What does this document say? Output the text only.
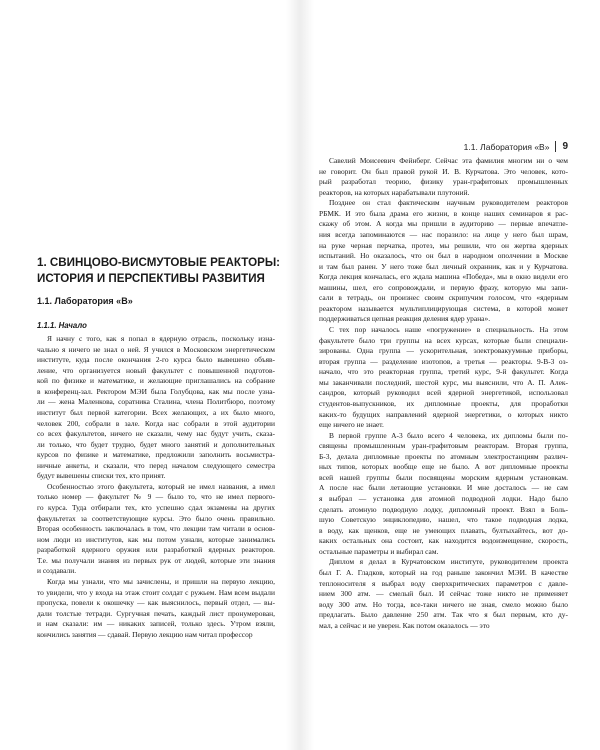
1. СВИНЦОВО-ВИСМУТОВЫЕ РЕАКТОРЫ:
ИСТОРИЯ И ПЕРСПЕКТИВЫ РАЗВИТИЯ
1.1. Лаборатория «В»
1.1.1. Начало
Я начну с того, как я попал в ядерную отрасль, поскольку изна-
чально я ничего не знал о ней. Я учился в Московском энергетическом
институте, куда после окончания 2-го курса было вывешено объяв-
ление, что организуется новый факультет с повышенной подготов-
кой по физике и математике, и желающие приглашались на собрание
в конференц-зал. Ректором МЭИ была Голубцова, как мы после узна-
ли — жена Маленкова, соратника Сталина, члена Политбюро, поэтому
институт был первой категории. Всех желающих, а их было много,
человек 200, собрали в зале. Когда нас собрали в этой аудитории
со всех факультетов, ничего не сказали, чему нас будут учить, сказа-
ли только, что будет трудно, будет много занятий и дополнительных
курсов по физике и математике, предложили заполнить восьмистра-
ничные анкеты, и сказали, что перед началом следующего семестра
будут вывешены списки тех, кто принят.
Особенностью этого факультета, который не имел названия, а имел
только номер — факультет № 9 — было то, что не имел первого-
го курса. Туда отбирали тех, кто успешно сдал экзамены на других
факультетах за соответствующие курсы. Это было очень правильно.
Вторая особенность заключалась в том, что лекции там читали в основ-
ном люди из институтов, как мы потом узнали, которые занимались
разработкой ядерного оружия или разработкой ядерных реакторов.
Т.е. мы получали знания из первых рук от людей, которые эти знания
и создавали.
Когда мы узнали, что мы зачислены, и пришли на первую лекцию,
то увидели, что у входа на этаж стоит солдат с ружьем. Нам всем выдали
пропуска, повели к окошечку — как выяснилось, первый отдел, — вы-
дали толстые тетради. Сургучная печать, каждый лист пронумерован,
и нам сказали: им — никаких записей, только здесь. Утром взяли,
кончились занятия — сдавай. Первую лекцию нам читал профессор
1.1. Лаборатория «В» 9
Савелий Моисеевич Фейнберг. Сейчас эта фамилия многим ни о чем
не говорит. Он был правой рукой И. В. Курчатова. Это человек, кото-
рый разработал теорию, физику уран-графитовых промышленных
реакторов, на которых нарабатывали плутоний.
Позднее он стал фактическим научным руководителем реакторов
РБМК. И это была драма его жизни, в конце наших семинаров я рас-
скажу об этом. А когда мы пришли в аудиторию — первые впечатле-
ния всегда запоминаются — нас поразило: на лице у него был шрам,
на руке черная перчатка, протез, мы решили, что он жертва ядерных
испытаний. Но оказалось, что он был в народном ополчении в Москве
и там был ранен. У него тоже был личный охранник, как и у Курчатова.
Когда лекция кончалась, его ждала машина «Победа», мы в окно видели его
машины, шел, его сопровождали, и первую фразу, которую мы запи-
сали в тетрадь, он произнес своим скрипучим голосом, что «ядерным
реактором называется мультиплицирующая система, в которой может
поддерживаться цепная реакция деления ядер урана».
С тех пор началось наше «погружение» в специальность. На этом
факультете было три группы на всех курсах, которые были специали-
зированы. Одна группа — ускорительная, электровакуумные приборы,
вторая группа — разделение изотопов, а третья — реакторы. 9-В-3 оз-
начало, что это реакторная группа, третий курс, 9-й факультет. Когда
мы заканчивали последний, шестой курс, мы выяснили, что А. П. Алек-
сандров, который руководил всей ядерной энергетикой, использовал
студентов-выпускников, их дипломные проекты, для проработки
каких-то будущих направлений ядерной энергетики, о которых никто
еще ничего не знает.
В первой группе А-3 было всего 4 человека, их дипломы были по-
священы промышленным уран-графитовым реакторам. Вторая группа,
Б-3, делала дипломные проекты по атомным электростанциям различ-
ных типов, которых вообще еще не было. А вот дипломные проекты
всей нашей группы были посвящены морским ядерным установкам.
А после нас были летающие установки. И мне досталось — не сам
я выбрал — установка для атомной подводной лодки. Надо было
сделать атомную подводную лодку, дипломный проект. Взял в Боль-
шую Советскую энциклопедию, нашел, что такое подводная лодка,
в воду, как щенков, еще не умеющих плавать, бултыхайтесь, вот до-
каких остальных она состоит, как находится водоизмещение, скорость,
остальные параметры и выбирал сам.
Диплом я делал в Курчатовском институте, руководителем проекта
был Г. А. Гладков, который на год раньше закончил МЭИ. В качестве
теплоносителя я выбрал воду сверхкритических параметров с давле-
нием 300 атм. — смелый был. И сейчас тоже никто не применяет
воду 300 атм. Но тогда, все-таки ничего не зная, смело можно было
предлагать. Было давление 250 атм. Так что я был первым, кто ду-
мал, а сейчас и не уверен. Как потом оказалось — это
